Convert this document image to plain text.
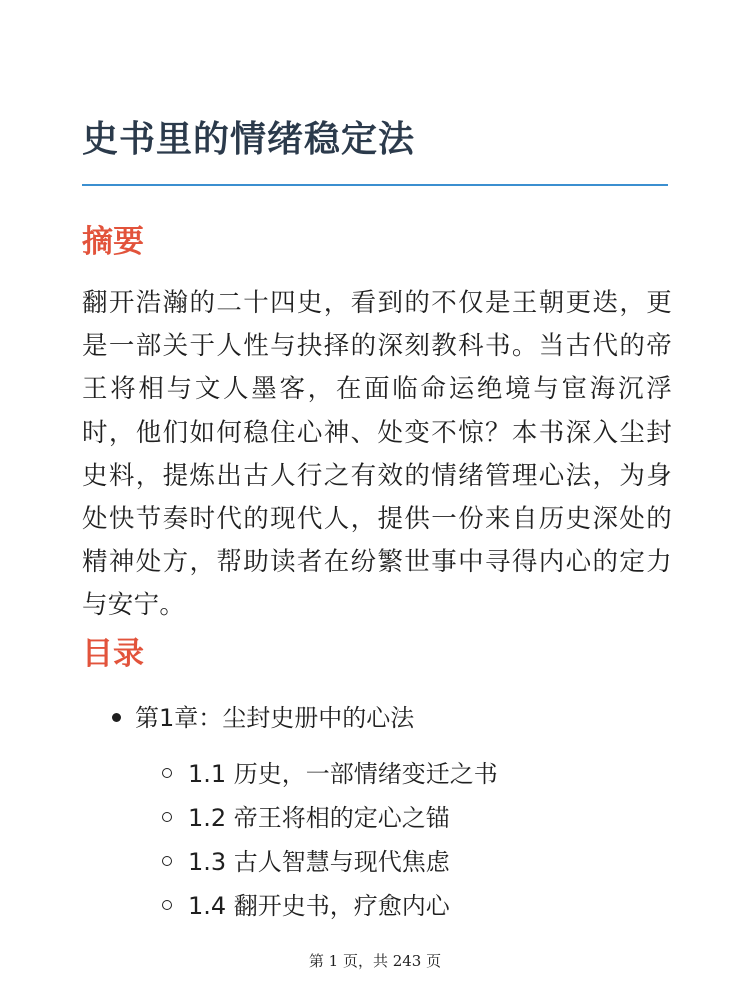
史书里的情绪稳定法
摘要

翻开浩瀚的二十四史，看到的不仅是王朝更迭，更是一部关于人性与抉择的深刻教科书。当古代的帝王将相与文人墨客，在面临命运绝境与宦海沉浮时，他们如何稳住心神、处变不惊？本书深入尘封史料，提炼出古人行之有效的情绪管理心法，为身处快节奏时代的现代人，提供一份来自历史深处的精神处方，帮助读者在纷繁世事中寻得内心的定力与安宁。

目录
第1章：尘封史册中的心法
1.1 历史，一部情绪变迁之书
1.2 帝王将相的定心之锚
1.3 古人智慧与现代焦虑
1.4 翻开史书，疗愈内心
第 1 页，共 243 页
